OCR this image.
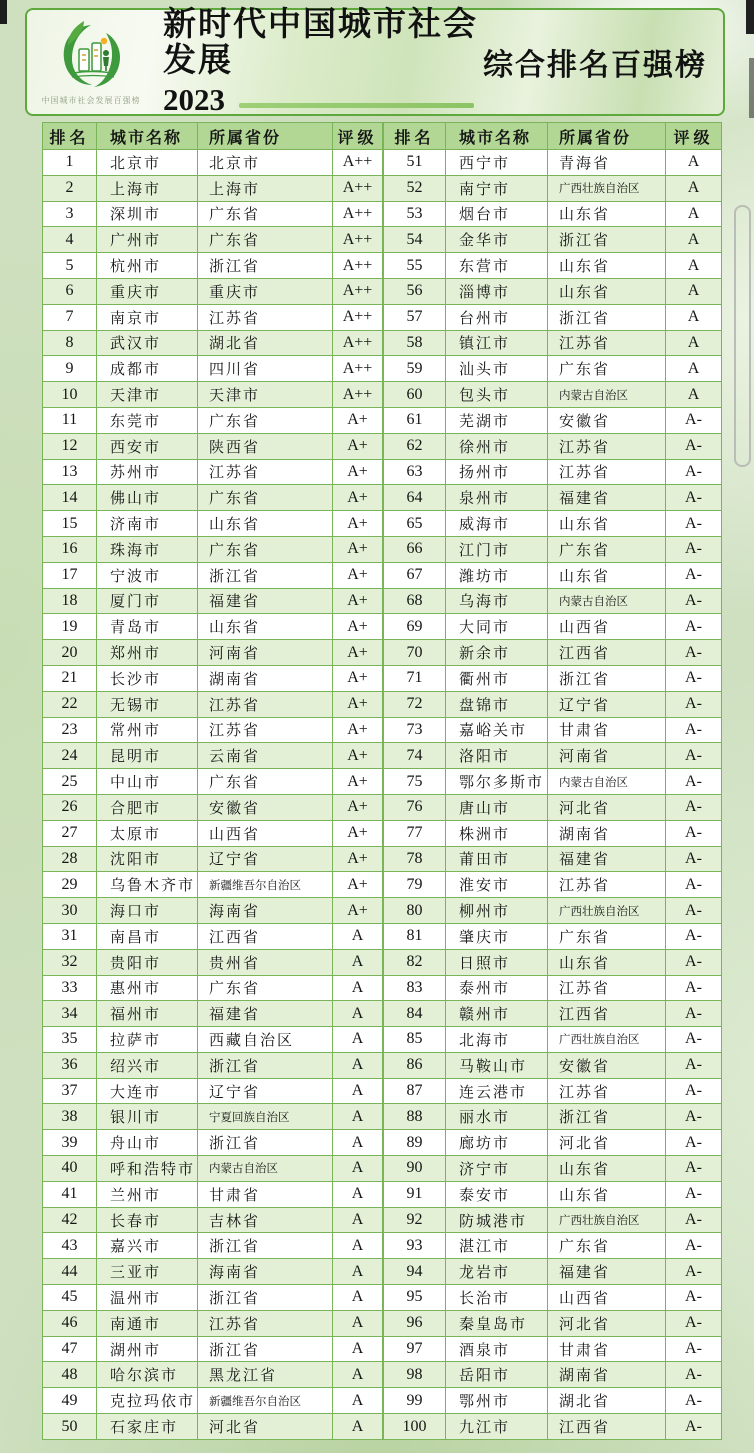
中国城市社会发展百强榜
新时代中国城市社会发展
2023
综合排名百强榜
排名	城市名称	所属省份	评级
1	北京市	北京市	A++
2	上海市	上海市	A++
3	深圳市	广东省	A++
4	广州市	广东省	A++
5	杭州市	浙江省	A++
6	重庆市	重庆市	A++
7	南京市	江苏省	A++
8	武汉市	湖北省	A++
9	成都市	四川省	A++
10	天津市	天津市	A++
11	东莞市	广东省	A+
12	西安市	陕西省	A+
13	苏州市	江苏省	A+
14	佛山市	广东省	A+
15	济南市	山东省	A+
16	珠海市	广东省	A+
17	宁波市	浙江省	A+
18	厦门市	福建省	A+
19	青岛市	山东省	A+
20	郑州市	河南省	A+
21	长沙市	湖南省	A+
22	无锡市	江苏省	A+
23	常州市	江苏省	A+
24	昆明市	云南省	A+
25	中山市	广东省	A+
26	合肥市	安徽省	A+
27	太原市	山西省	A+
28	沈阳市	辽宁省	A+
29	乌鲁木齐市	新疆维吾尔自治区	A+
30	海口市	海南省	A+
31	南昌市	江西省	A
32	贵阳市	贵州省	A
33	惠州市	广东省	A
34	福州市	福建省	A
35	拉萨市	西藏自治区	A
36	绍兴市	浙江省	A
37	大连市	辽宁省	A
38	银川市	宁夏回族自治区	A
39	舟山市	浙江省	A
40	呼和浩特市	内蒙古自治区	A
41	兰州市	甘肃省	A
42	长春市	吉林省	A
43	嘉兴市	浙江省	A
44	三亚市	海南省	A
45	温州市	浙江省	A
46	南通市	江苏省	A
47	湖州市	浙江省	A
48	哈尔滨市	黑龙江省	A
49	克拉玛依市	新疆维吾尔自治区	A
50	石家庄市	河北省	A
排名	城市名称	所属省份	评级
51	西宁市	青海省	A
52	南宁市	广西壮族自治区	A
53	烟台市	山东省	A
54	金华市	浙江省	A
55	东营市	山东省	A
56	淄博市	山东省	A
57	台州市	浙江省	A
58	镇江市	江苏省	A
59	汕头市	广东省	A
60	包头市	内蒙古自治区	A
61	芜湖市	安徽省	A-
62	徐州市	江苏省	A-
63	扬州市	江苏省	A-
64	泉州市	福建省	A-
65	威海市	山东省	A-
66	江门市	广东省	A-
67	潍坊市	山东省	A-
68	乌海市	内蒙古自治区	A-
69	大同市	山西省	A-
70	新余市	江西省	A-
71	衢州市	浙江省	A-
72	盘锦市	辽宁省	A-
73	嘉峪关市	甘肃省	A-
74	洛阳市	河南省	A-
75	鄂尔多斯市	内蒙古自治区	A-
76	唐山市	河北省	A-
77	株洲市	湖南省	A-
78	莆田市	福建省	A-
79	淮安市	江苏省	A-
80	柳州市	广西壮族自治区	A-
81	肇庆市	广东省	A-
82	日照市	山东省	A-
83	泰州市	江苏省	A-
84	赣州市	江西省	A-
85	北海市	广西壮族自治区	A-
86	马鞍山市	安徽省	A-
87	连云港市	江苏省	A-
88	丽水市	浙江省	A-
89	廊坊市	河北省	A-
90	济宁市	山东省	A-
91	泰安市	山东省	A-
92	防城港市	广西壮族自治区	A-
93	湛江市	广东省	A-
94	龙岩市	福建省	A-
95	长治市	山西省	A-
96	秦皇岛市	河北省	A-
97	酒泉市	甘肃省	A-
98	岳阳市	湖南省	A-
99	鄂州市	湖北省	A-
100	九江市	江西省	A-
